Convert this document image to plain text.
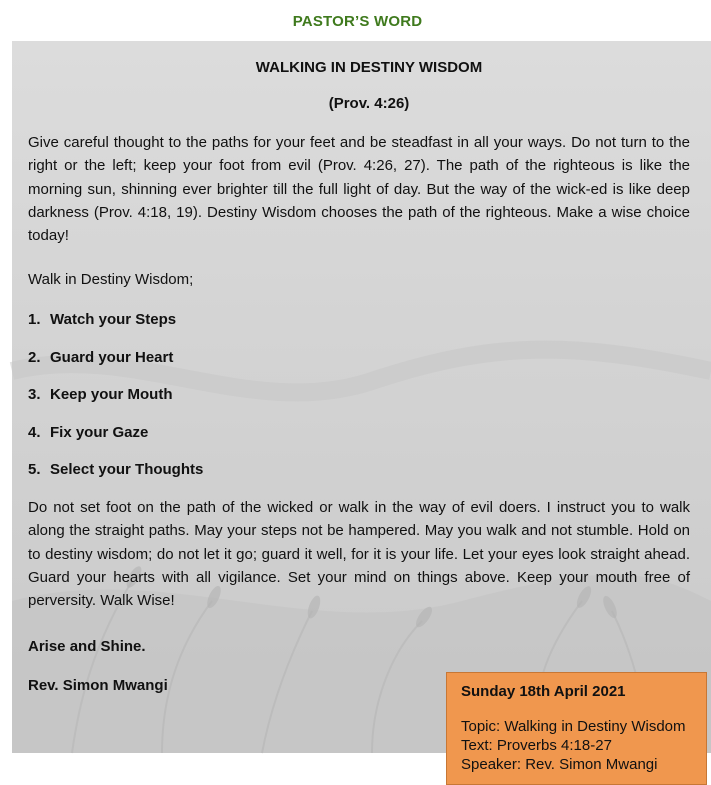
PASTOR’S WORD
WALKING IN DESTINY WISDOM
(Prov. 4:26)

Give careful thought to the paths for your feet and be steadfast in all your ways. Do not turn to the right or the left; keep your foot from evil (Prov. 4:26, 27). The path of the righteous is like the morning sun, shinning ever brighter till the full light of day. But the way of the wick-ed is like deep darkness (Prov. 4:18, 19). Destiny Wisdom chooses the path of the righteous. Make a wise choice today!

Walk in Destiny Wisdom;
1. Watch your Steps
2. Guard your Heart
3. Keep your Mouth
4. Fix your Gaze
5. Select your Thoughts

Do not set foot on the path of the wicked or walk in the way of evil doers. I instruct you to walk along the straight paths. May your steps not be hampered. May you walk and not stumble. Hold on to destiny wisdom; do not let it go; guard it well, for it is your life. Let your eyes look straight ahead. Guard your hearts with all vigilance. Set your mind on things above. Keep your mouth free of perversity. Walk Wise!

Arise and Shine.
Rev. Simon Mwangi	Sunday 18th April 2021
Topic: Walking in Destiny Wisdom
Text: Proverbs 4:18-27
Speaker: Rev. Simon Mwangi
